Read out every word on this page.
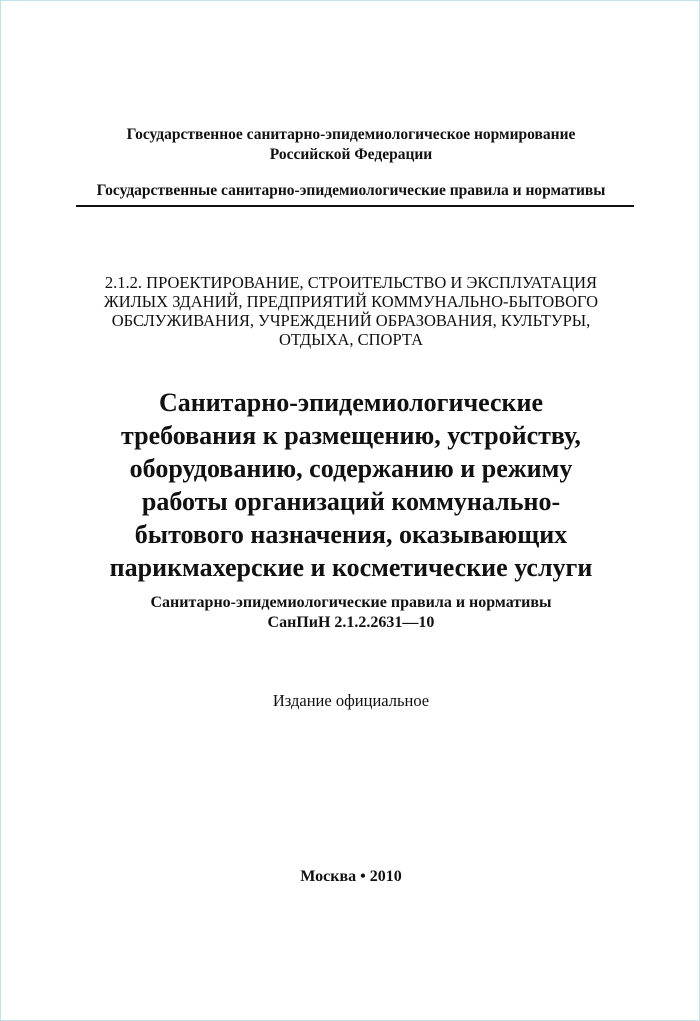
Государственное санитарно-эпидемиологическое нормирование
Российской Федерации
Государственные санитарно-эпидемиологические правила и нормативы
2.1.2. ПРОЕКТИРОВАНИЕ, СТРОИТЕЛЬСТВО И ЭКСПЛУАТАЦИЯ
ЖИЛЫХ ЗДАНИЙ, ПРЕДПРИЯТИЙ КОММУНАЛЬНО-БЫТОВОГО
ОБСЛУЖИВАНИЯ, УЧРЕЖДЕНИЙ ОБРАЗОВАНИЯ, КУЛЬТУРЫ,
ОТДЫХА, СПОРТА
Санитарно-эпидемиологические
требования к размещению, устройству,
оборудованию, содержанию и режиму
работы организаций коммунально-
бытового назначения, оказывающих
парикмахерские и косметические услуги
Санитарно-эпидемиологические правила и нормативы
СанПиН 2.1.2.2631—10
Издание официальное
Москва • 2010
